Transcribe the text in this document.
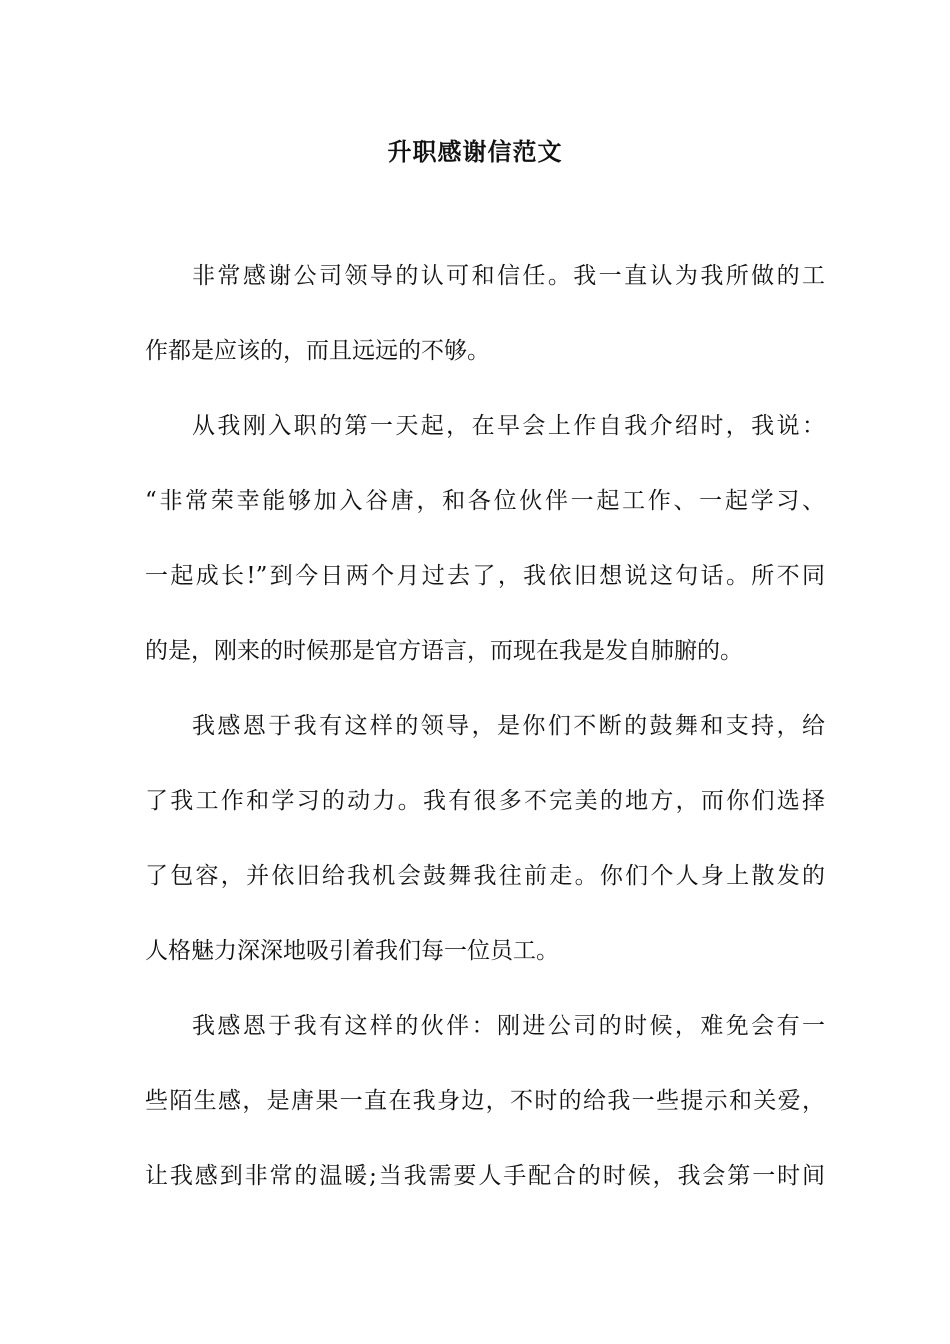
升职感谢信范文
非常感谢公司领导的认可和信任。我一直认为我所做的工
作都是应该的，而且远远的不够。
从我刚入职的第一天起，在早会上作自我介绍时，我说：
“非常荣幸能够加入谷唐，和各位伙伴一起工作、一起学习、
一起成长!”到今日两个月过去了，我依旧想说这句话。所不同
的是，刚来的时候那是官方语言，而现在我是发自肺腑的。
我感恩于我有这样的领导，是你们不断的鼓舞和支持，给
了我工作和学习的动力。我有很多不完美的地方，而你们选择
了包容，并依旧给我机会鼓舞我往前走。你们个人身上散发的
人格魅力深深地吸引着我们每一位员工。
我感恩于我有这样的伙伴：刚进公司的时候，难免会有一
些陌生感，是唐果一直在我身边，不时的给我一些提示和关爱，
让我感到非常的温暖;当我需要人手配合的时候，我会第一时间
